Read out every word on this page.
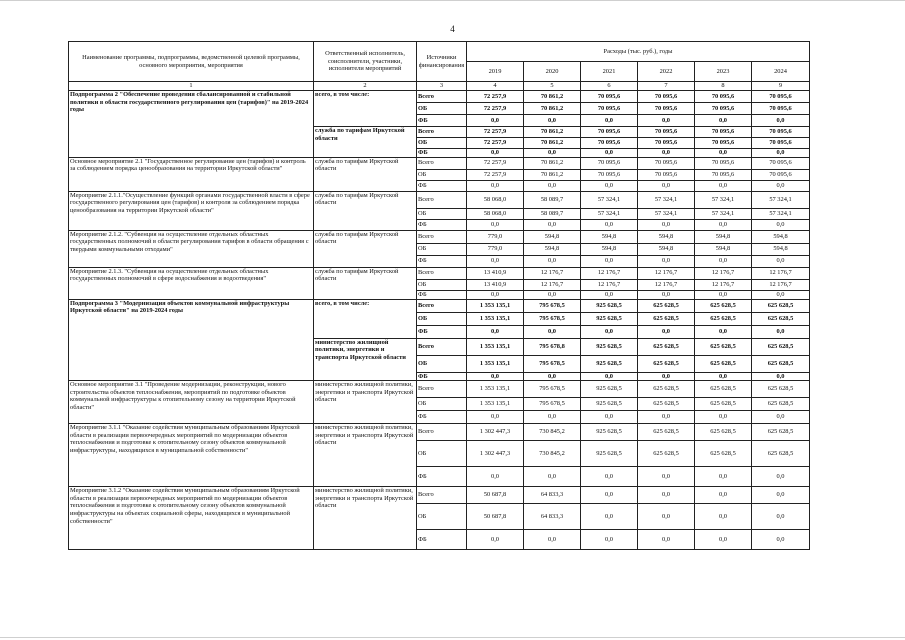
4
Наименование программы, подпрограммы, ведомственной целевой программы, основного мероприятия, мероприятия	Ответственный исполнитель, соисполнители, участники, исполнители мероприятий	Источники финансирования	Расходы (тыс. руб.), годы					
			2019	2020	2021	2022	2023	2024
1	2	3	4	5	6	7	8	9
Подпрограмма 2 "Обеспечение проведения сбалансированной и стабильной политики в области государственного регулирования цен (тарифов)" на 2019-2024 годы	всего, в том числе:	Всего	72 257,9	70 861,2	70 095,6	70 095,6	70 095,6	70 095,6
		ОБ	72 257,9	70 861,2	70 095,6	70 095,6	70 095,6	70 095,6
		ФБ	0,0	0,0	0,0	0,0	0,0	0,0
	служба по тарифам Иркутской области	Всего	72 257,9	70 861,2	70 095,6	70 095,6	70 095,6	70 095,6
		ОБ	72 257,9	70 861,2	70 095,6	70 095,6	70 095,6	70 095,6
		ФБ	0,0	0,0	0,0	0,0	0,0	0,0
Основное мероприятие 2.1 "Государственное регулирование цен (тарифов) и контроль за соблюдением порядка ценообразования на территории Иркутской области"	служба по тарифам Иркутской области	Всего	72 257,9	70 861,2	70 095,6	70 095,6	70 095,6	70 095,6
		ОБ	72 257,9	70 861,2	70 095,6	70 095,6	70 095,6	70 095,6
		ФБ	0,0	0,0	0,0	0,0	0,0	0,0
Мероприятие 2.1.1."Осуществление функций органами государственной власти в сфере государственного регулирования цен (тарифов) и контроля за соблюдением порядка ценообразования на территории Иркутской области"	служба по тарифам Иркутской области	Всего	58 068,0	58 089,7	57 324,1	57 324,1	57 324,1	57 324,1
		ОБ	58 068,0	58 089,7	57 324,1	57 324,1	57 324,1	57 324,1
		ФБ	0,0	0,0	0,0	0,0	0,0	0,0
Мероприятие 2.1.2. "Субвенция на осуществление отдельных областных государственных полномочий в области регулирования тарифов в области обращения с твердыми коммунальными отходами"	служба по тарифам Иркутской области	Всего	779,0	594,8	594,8	594,8	594,8	594,8
		ОБ	779,0	594,8	594,8	594,8	594,8	594,8
		ФБ	0,0	0,0	0,0	0,0	0,0	0,0
Мероприятие 2.1.3. "Субвенция на осуществление отдельных областных государственных полномочий в сфере водоснабжения и водоотведения"	служба по тарифам Иркутской области	Всего	13 410,9	12 176,7	12 176,7	12 176,7	12 176,7	12 176,7
		ОБ	13 410,9	12 176,7	12 176,7	12 176,7	12 176,7	12 176,7
		ФБ	0,0	0,0	0,0	0,0	0,0	0,0
Подпрограмма 3 "Модернизация объектов коммунальной инфраструктуры Иркутской области" на 2019-2024 годы	всего, в том числе:	Всего	1 353 135,1	795 678,5	925 628,5	625 628,5	625 628,5	625 628,5
		ОБ	1 353 135,1	795 678,5	925 628,5	625 628,5	625 628,5	625 628,5
		ФБ	0,0	0,0	0,0	0,0	0,0	0,0
	министерство жилищной политики, энергетики и транспорта Иркутской области	Всего	1 353 135,1	795 678,8	925 628,5	625 628,5	625 628,5	625 628,5
		ОБ	1 353 135,1	795 678,5	925 628,5	625 628,5	625 628,5	625 628,5
		ФБ	0,0	0,0	0,0	0,0	0,0	0,0
Основное мероприятие 3.1 "Проведение модернизации, реконструкции, нового строительства объектов теплоснабжения, мероприятий по подготовке объектов коммунальной инфраструктуры к отопительному сезону на территории Иркутской области"	министерство жилищной политики, энергетики и транспорта Иркутской области	Всего	1 353 135,1	795 678,5	925 628,5	625 628,5	625 628,5	625 628,5
		ОБ	1 353 135,1	795 678,5	925 628,5	625 628,5	625 628,5	625 628,5
		ФБ	0,0	0,0	0,0	0,0	0,0	0,0
Мероприятие 3.1.1 "Оказание содействия муниципальным образованиям Иркутской области в реализации первоочередных мероприятий по модернизации объектов теплоснабжения и подготовке к отопительному сезону объектов коммунальной инфраструктуры, находящихся в муниципальной собственности"	министерство жилищной политики, энергетики и транспорта Иркутской области	Всего	1 302 447,3	730 845,2	925 628,5	625 628,5	625 628,5	625 628,5
		ОБ	1 302 447,3	730 845,2	925 628,5	625 628,5	625 628,5	625 628,5
		ФБ	0,0	0,0	0,0	0,0	0,0	0,0
Мероприятие 3.1.2 "Оказание содействия муниципальным образованиям Иркутской области в реализации первоочередных мероприятий по модернизации объектов теплоснабжения и подготовке к отопительному сезону объектов коммунальной инфраструктуры на объектах социальной сферы, находящихся в муниципальной собственности"	министерство жилищной политики, энергетики и транспорта Иркутской области	Всего	50 687,8	64 833,3	0,0	0,0	0,0	0,0
		ОБ	50 687,8	64 833,3	0,0	0,0	0,0	0,0
		ФБ	0,0	0,0	0,0	0,0	0,0	0,0
